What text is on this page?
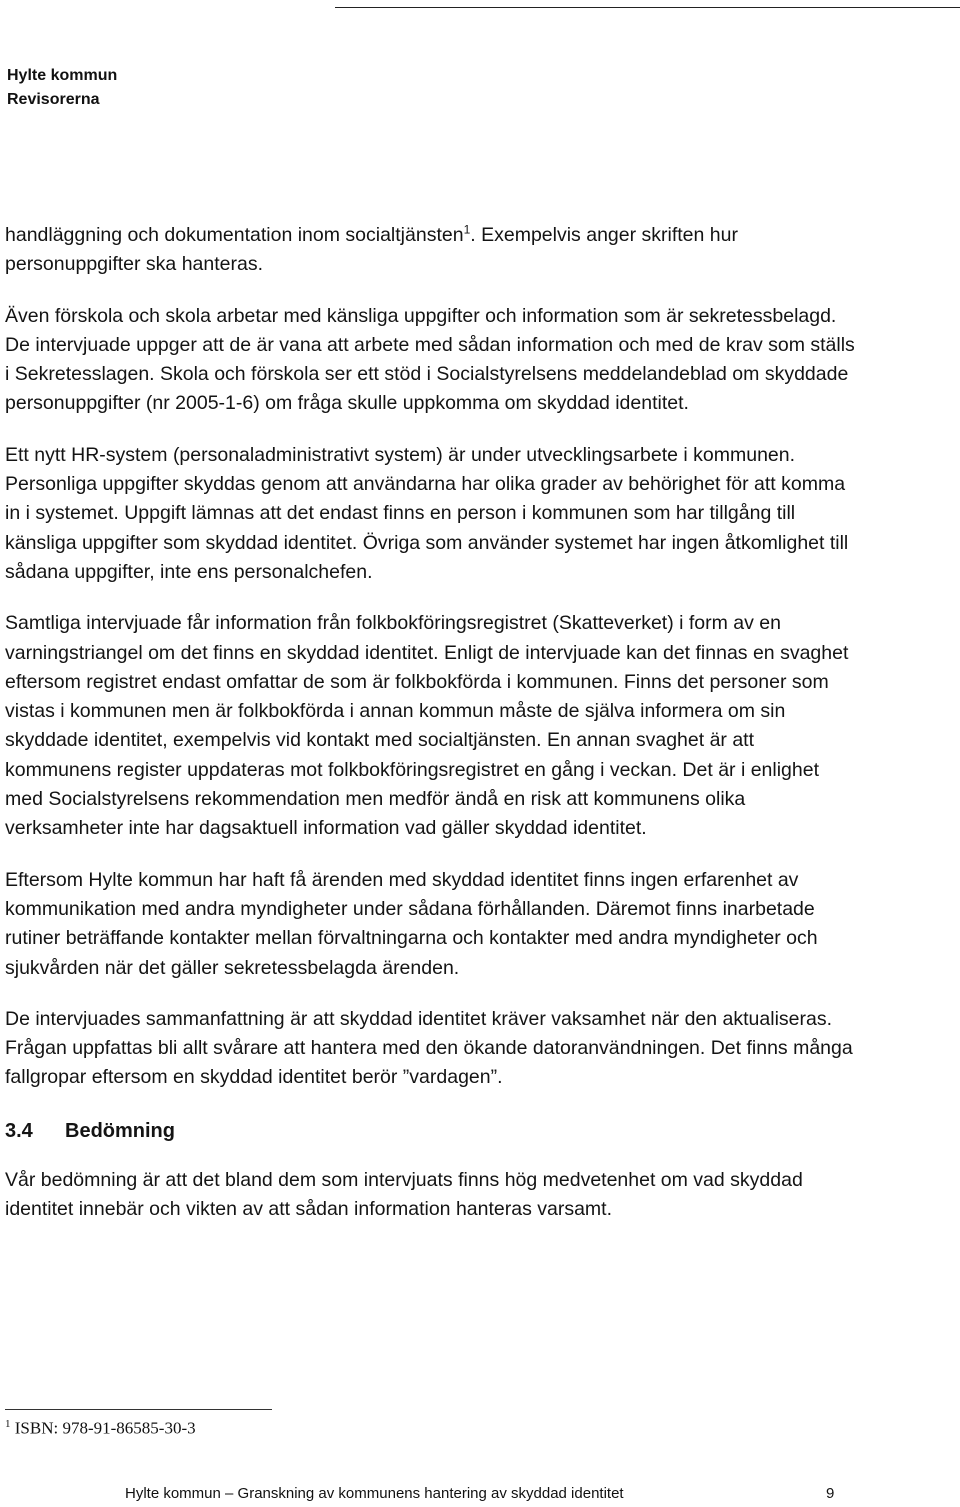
Hylte kommun
Revisorerna

handläggning och dokumentation inom socialtjänsten$^1$. Exempelvis anger skriften hur personuppgifter ska hanteras.

Även förskola och skola arbetar med känsliga uppgifter och information som är sekretessbelagd. De intervjuade uppger att de är vana att arbete med sådan information och med de krav som ställs i Sekretesslagen. Skola och förskola ser ett stöd i Socialstyrelsens meddelandeblad om skyddade personuppgifter (nr 2005-1-6) om fråga skulle uppkomma om skyddad identitet.

Ett nytt HR-system (personaladministrativt system) är under utvecklingsarbete i kommunen. Personliga uppgifter skyddas genom att användarna har olika grader av behörighet för att komma in i systemet. Uppgift lämnas att det endast finns en person i kommunen som har tillgång till känsliga uppgifter som skyddad identitet. Övriga som använder systemet har ingen åtkomlighet till sådana uppgifter, inte ens personalchefen.

Samtliga intervjuade får information från folkbokföringsregistret (Skatteverket) i form av en varningstriangel om det finns en skyddad identitet. Enligt de intervjuade kan det finnas en svaghet eftersom registret endast omfattar de som är folkbokförda i kommunen. Finns det personer som vistas i kommunen men är folkbokförda i annan kommun måste de själva informera om sin skyddade identitet, exempelvis vid kontakt med socialtjänsten. En annan svaghet är att kommunens register uppdateras mot folkbokföringsregistret en gång i veckan. Det är i enlighet med Socialstyrelsens rekommendation men medför ändå en risk att kommunens olika verksamheter inte har dagsaktuell information vad gäller skyddad identitet.

Eftersom Hylte kommun har haft få ärenden med skyddad identitet finns ingen erfarenhet av kommunikation med andra myndigheter under sådana förhållanden. Däremot finns inarbetade rutiner beträffande kontakter mellan förvaltningarna och kontakter med andra myndigheter och sjukvården när det gäller sekretessbelagda ärenden.

De intervjuades sammanfattning är att skyddad identitet kräver vaksamhet när den aktualiseras. Frågan uppfattas bli allt svårare att hantera med den ökande datoranvändningen. Det finns många fallgropar eftersom en skyddad identitet berör ”vardagen”.

3.4 Bedömning

Vår bedömning är att det bland dem som intervjuats finns hög medvetenhet om vad skyddad identitet innebär och vikten av att sådan information hanteras varsamt.

$^1$ ISBN: 978-91-86585-30-3
Hylte kommun – Granskning av kommunens hantering av skyddad identitet	9
